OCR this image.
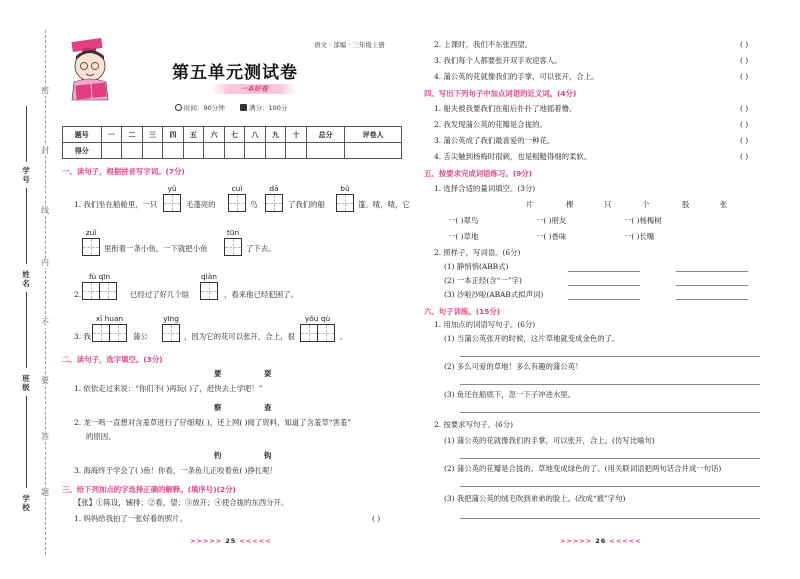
密
封
线
内
不
要
答
题
学号
姓名
班级
学校
语文 · 部编 · 三年级上册
第五单元测试卷
一本好卷
时间：90分钟	满分：100分
题号	一	二	三	四	五	六	七	八	九	十	总分	评卷人
得分												
一、读句子，根据拼音写字词。(7分)
1. 我们坐在船舱里，一只
yǔ
毛蓬亮的
cuì
鸟
dā
了我们的船
bǔ
篷。喳，喳，它
zuǐ
里衔着一条小鱼，一下就把小鱼
tūn
了下去。
2.
fù qīn
已经过了好几个晗
qiàn
，看来他已经犯困了。
3. 我
xǐ huan
蒲公
yīng
，因为它的花可以张开，合上，很
yǒu qù
。
二、读句子，选字填空。(3分)
要 耍
1. 依依走过来说：“你们不( )再玩( )了，赶快去上学吧！”
察 查
2. 龙一鸣一直想对含羞草进行了仔细观( )，还上网( )阅了资料，知道了含羞草“害羞”
的原因。
钓 钩
3. 海海终于学会了( )鱼！你看，一条鱼儿正咬着鱼( )挣扎呢！
三、给下列加点的字选择正确的解释。(填序号)(2分)
【张】①陈设，铺排；②看，望；③放开；④使合拢的东西分开。
1. 妈妈给我拍了一张好看的照片。	( )
>>>>> 25 <<<<<
2. 上课时，我们不东张西望。	( )
3. 我们每个人都要张开双手欢迎客人。	( )
4. 蒲公英的花就像我们的手掌，可以张开，合上。	( )
四、写出下列句子中加点词语的近义词。(4分)
1. 船夫被我要我们在船后扑扑了地摇着橹。	( )
2. 我发现蒲公英的花瓣是合拢的。	( )
3. 蒲公英成了我们最喜爱的一种花。	( )
4. 舌尖触到杨梅时很刺，也是粗糙得细的柔软。	( )
五、按要求完成词语练习。(9分)
1. 选择合适的量词填空。(3分)
片	棵	只	个	股	张
一( )翠鸟	一( )朋友	一( )杨梅树
一( )草地	一( )香味	一( )长嘴
2. 照样子，写词语。(6分)
(1) 静悄悄(ABB式)
(2) 一本正经(含“一”字)
(3) 沙啦沙啦(ABAB式拟声词)
六、句子训练。(15分)
1. 用加点的词语写句子。(6分)
(1) 当蒲公英张开的时候，这片草地就变成金色的了。
(2) 多么可爱的草地！多么有趣的蒲公英！
(3) 鱼还在船底下，忽一下子冲进水里。
2. 按要求写句子。(6分)
(1) 蒲公英的花就像我们的手掌，可以张开，合上。(仿写比喻句)
(2) 蒲公英的花瓣是合拢的。草地变成绿色的了。(用关联词语把两句话合并成一句话)
(3) 我把蒲公英的绒毛吹到弟弟的脸上。(改成“被”字句)
>>>>> 26 <<<<<
